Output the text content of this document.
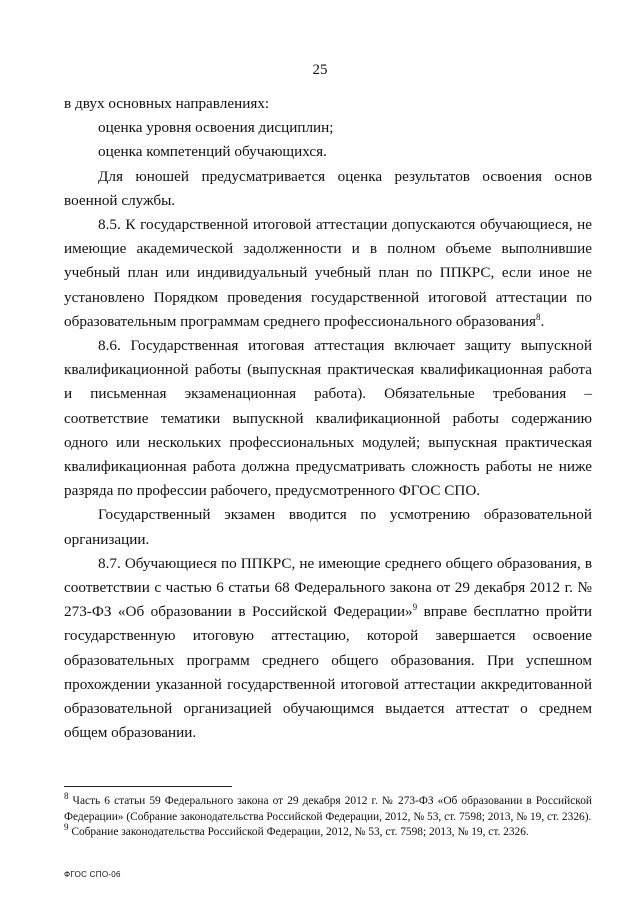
25

в двух основных направлениях:

оценка уровня освоения дисциплин;

оценка компетенций обучающихся.

Для юношей предусматривается оценка результатов освоения основ военной службы.

8.5. К государственной итоговой аттестации допускаются обучающиеся, не имеющие академической задолженности и в полном объеме выполнившие учебный план или индивидуальный учебный план по ППКРС, если иное не установлено Порядком проведения государственной итоговой аттестации по образовательным программам среднего профессионального образования$^8$.

8.6. Государственная итоговая аттестация включает защиту выпускной квалификационной работы (выпускная практическая квалификационная работа и письменная экзаменационная работа). Обязательные требования – соответствие тематики выпускной квалификационной работы содержанию одного или нескольких профессиональных модулей; выпускная практическая квалификационная работа должна предусматривать сложность работы не ниже разряда по профессии рабочего, предусмотренного ФГОС СПО.

Государственный экзамен вводится по усмотрению образовательной организации.

8.7. Обучающиеся по ППКРС, не имеющие среднего общего образования, в соответствии с частью 6 статьи 68 Федерального закона от 29 декабря 2012 г. № 273-ФЗ «Об образовании в Российской Федерации»$^9$ вправе бесплатно пройти государственную итоговую аттестацию, которой завершается освоение образовательных программ среднего общего образования. При успешном прохождении указанной государственной итоговой аттестации аккредитованной образовательной организацией обучающимся выдается аттестат о среднем общем образовании.

$^8$ Часть 6 статьи 59 Федерального закона от 29 декабря 2012 г. № 273-ФЗ «Об образовании в Российской Федерации» (Собрание законодательства Российской Федерации, 2012, № 53, ст. 7598; 2013, № 19, ст. 2326).

$^9$ Собрание законодательства Российской Федерации, 2012, № 53, ст. 7598; 2013, № 19, ст. 2326.

ФГОС СПО-06
